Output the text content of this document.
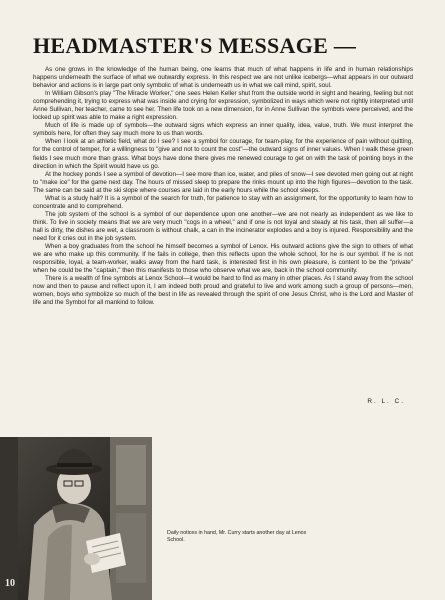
HEADMASTER'S MESSAGE —

As one grows in the knowledge of the human being, one learns that much of what happens in life and in human relationships happens underneath the surface of what we outwardly express. In this respect we are not unlike icebergs—what appears in our outward behavior and actions is in large part only symbolic of what is underneath us in what we call mind, spirit, soul.

In William Gibson's play "The Miracle Worker," one sees Helen Keller shut from the outside world in sight and hearing, feeling but not comprehending it, trying to express what was inside and crying for expression, symbolized in ways which were not rightly interpreted until Anne Sullivan, her teacher, came to see her. Then life took on a new dimension, for in Anne Sullivan the symbols were perceived, and the locked up spirit was able to make a right expression.

Much of life is made up of symbols—the outward signs which express an inner quality, idea, value, truth. We must interpret the symbols here, for often they say much more to us than words.

When I look at an athletic field, what do I see? I see a symbol for courage, for team-play, for the experience of pain without quitting, for the control of temper, for a willingness to "give and not to count the cost"—the outward signs of inner values. When I walk these green fields I see much more than grass. What boys have done there gives me renewed courage to get on with the task of pointing boys in the direction in which the Spirit would have us go.

At the hockey ponds I see a symbol of devotion—I see more than ice, water, and piles of snow—I see devoted men going out at night to "make ice" for the game next day. The hours of missed sleep to prepare the rinks mount up into the high figures—devotion to the task. The same can be said at the ski slope where courses are laid in the early hours while the school sleeps.

What is a study hall? It is a symbol of the search for truth, for patience to stay with an assignment, for the opportunity to learn how to concentrate and to comprehend.

The job system of the school is a symbol of our dependence upon one another—we are not nearly as independent as we like to think. To live in society means that we are very much "cogs in a wheel," and if one is not loyal and steady at his task, then all suffer—a hall is dirty, the dishes are wet, a classroom is without chalk, a can in the incinerator explodes and a boy is injured. Responsibility and the need for it cries out in the job system.

When a boy graduates from the school he himself becomes a symbol of Lenox. His outward actions give the sign to others of what we are who make up this community. If he fails in college, then this reflects upon the whole school, for he is our symbol. If he is not responsible, loyal, a team-worker, walks away from the hard task, is interested first in his own pleasure, is content to be the "private" when he could be the "captain," then this manifests to those who observe what we are, back in the school community.

There is a wealth of fine symbols at Lenox School—it would be hard to find as many in other places. As I stand away from the school now and then to pause and reflect upon it, I am indeed both proud and grateful to live and work among such a group of persons—men, women, boys who symbolize so much of the best in life as revealed through the spirit of one Jesus Christ, who is the Lord and Master of life and the Symbol for all mankind to follow.

R. L. C.
10
Daily notices in hand, Mr. Curry starts another day at Lenox School.
